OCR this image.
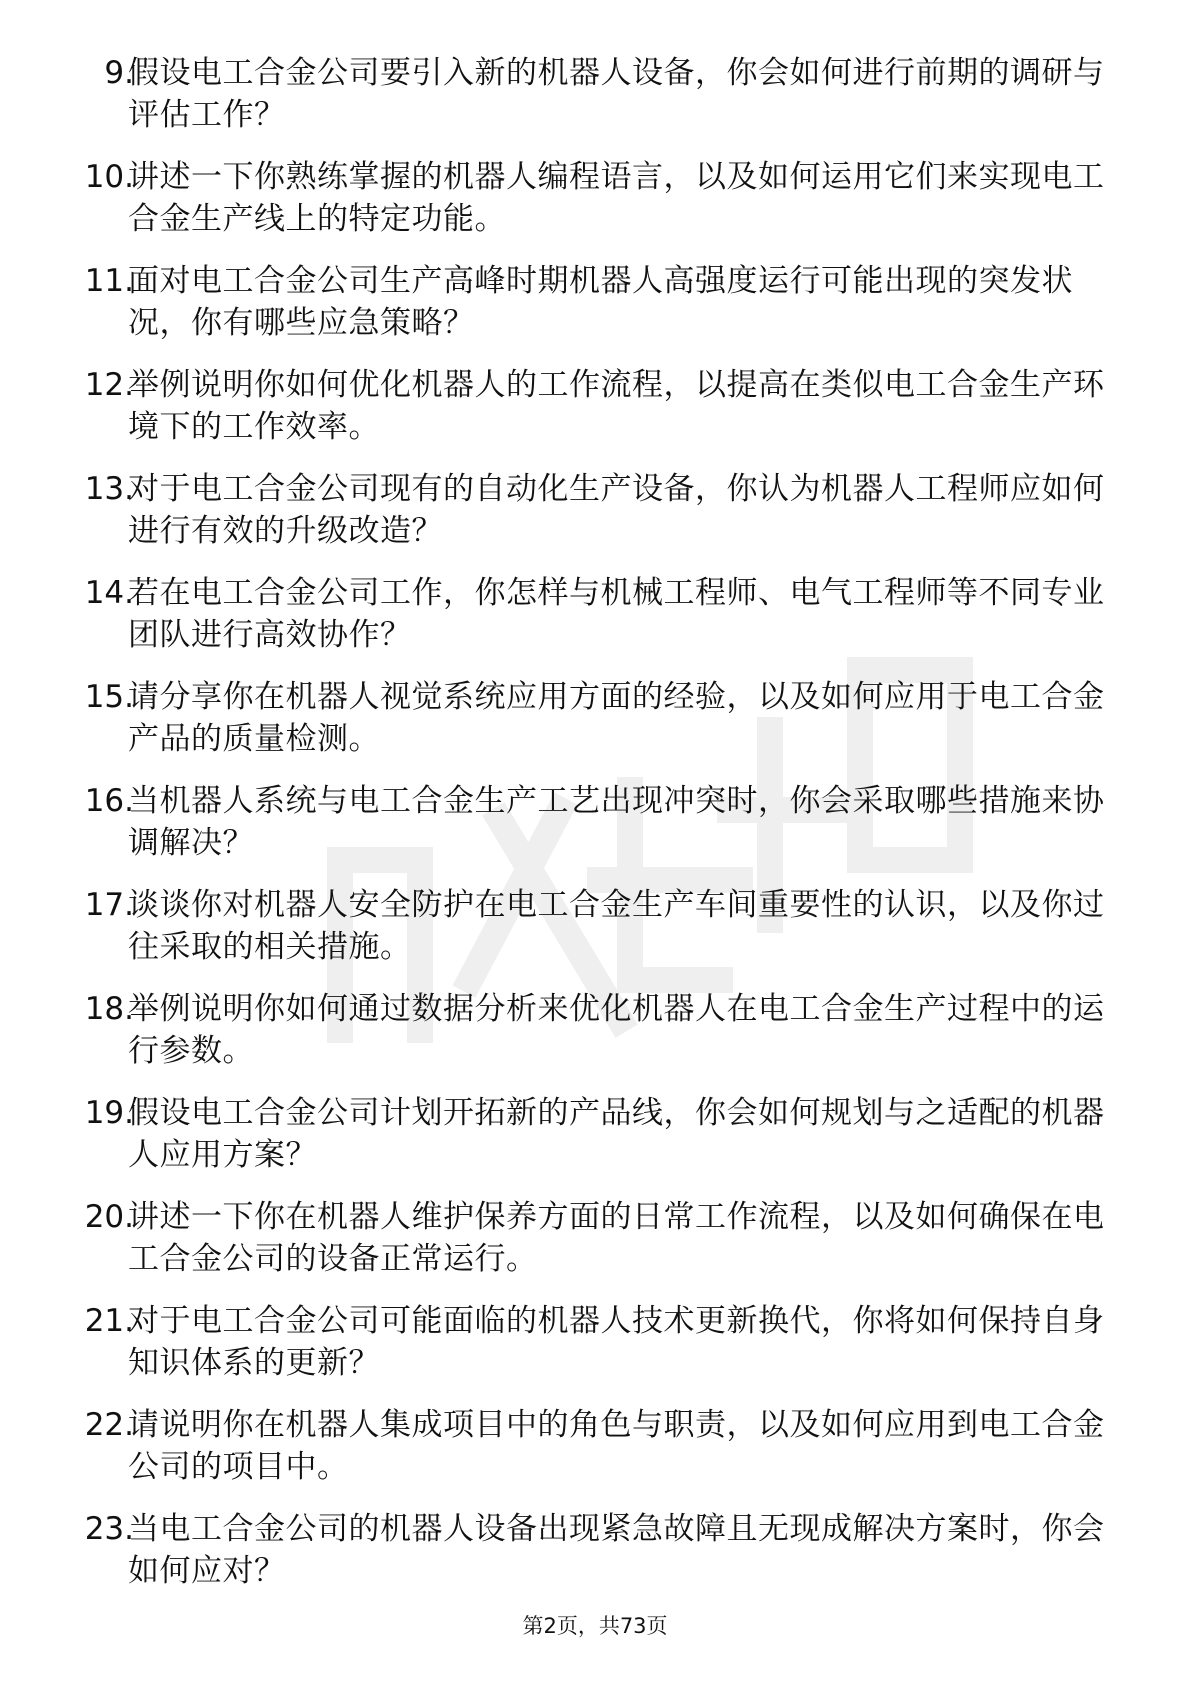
9.
假设电工合金公司要引入新的机器人设备，你会如何进行前期的调研与评估工作？
10.
讲述一下你熟练掌握的机器人编程语言，以及如何运用它们来实现电工合金生产线上的特定功能。
11.
面对电工合金公司生产高峰时期机器人高强度运行可能出现的突发状况，你有哪些应急策略？
12.
举例说明你如何优化机器人的工作流程，以提高在类似电工合金生产环境下的工作效率。
13.
对于电工合金公司现有的自动化生产设备，你认为机器人工程师应如何进行有效的升级改造？
14.
若在电工合金公司工作，你怎样与机械工程师、电气工程师等不同专业团队进行高效协作？
15.
请分享你在机器人视觉系统应用方面的经验，以及如何应用于电工合金产品的质量检测。
16.
当机器人系统与电工合金生产工艺出现冲突时，你会采取哪些措施来协调解决？
17.
谈谈你对机器人安全防护在电工合金生产车间重要性的认识，以及你过往采取的相关措施。
18.
举例说明你如何通过数据分析来优化机器人在电工合金生产过程中的运行参数。
19.
假设电工合金公司计划开拓新的产品线，你会如何规划与之适配的机器人应用方案？
20.
讲述一下你在机器人维护保养方面的日常工作流程，以及如何确保在电工合金公司的设备正常运行。
21.
对于电工合金公司可能面临的机器人技术更新换代，你将如何保持自身知识体系的更新？
22.
请说明你在机器人集成项目中的角色与职责，以及如何应用到电工合金公司的项目中。
23.
当电工合金公司的机器人设备出现紧急故障且无现成解决方案时，你会如何应对？
第2页，共73页
